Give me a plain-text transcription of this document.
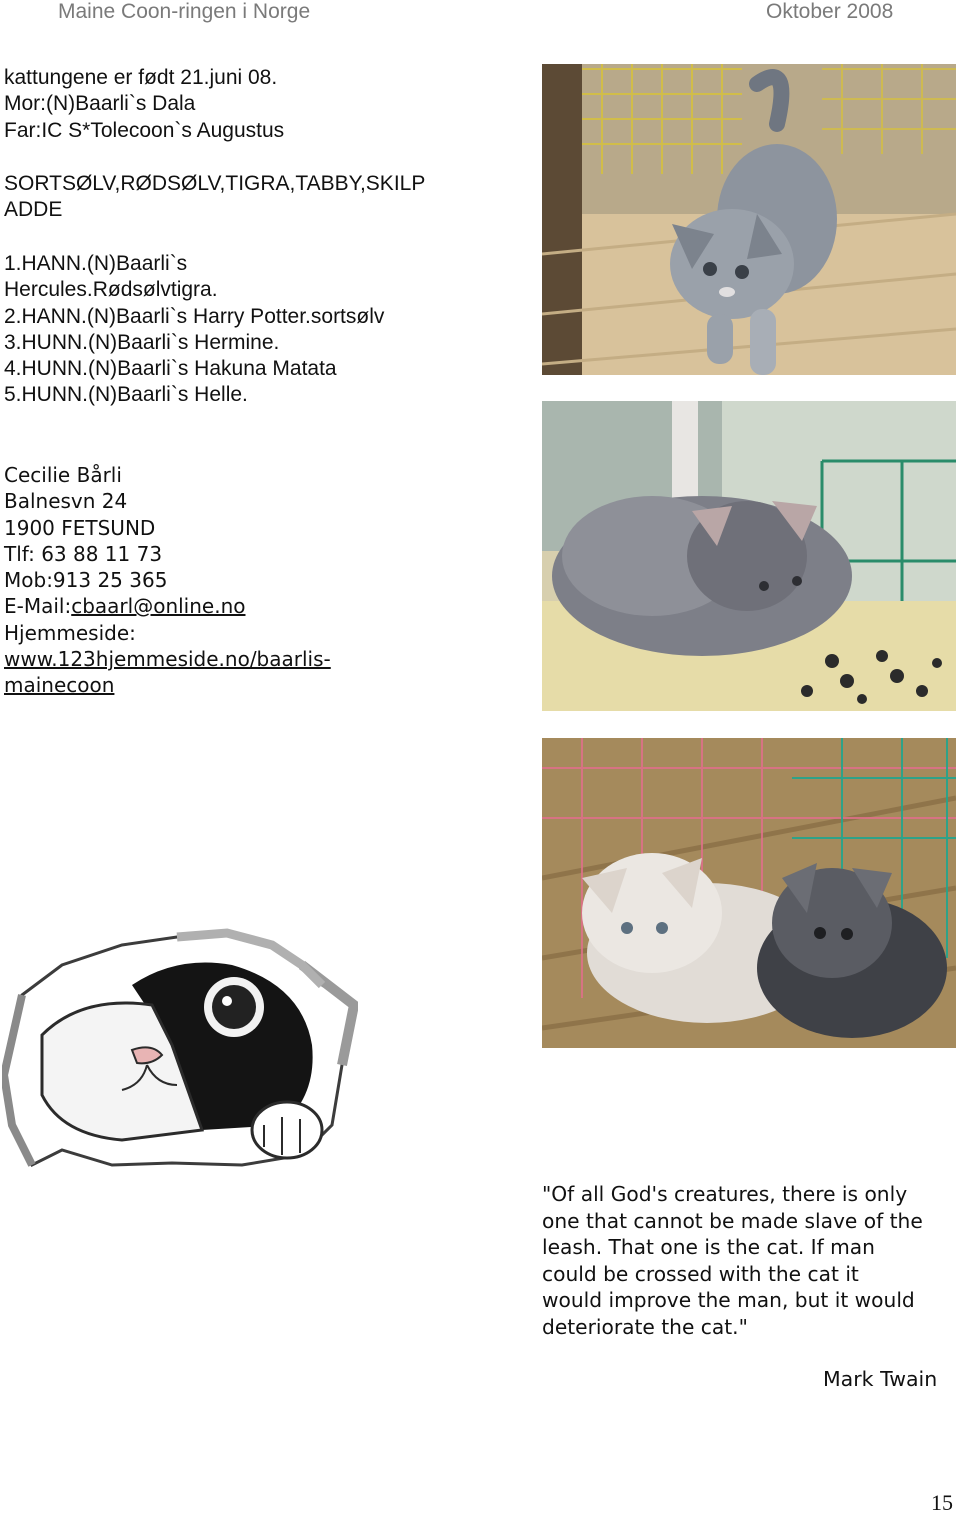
Maine Coon-ringen i Norge	Oktober 2008
kattungene er født 21.juni 08.
Mor:(N)Baarli`s Dala
Far:IC S*Tolecoon`s Augustus
SORTSØLV,RØDSØLV,TIGRA,TABBY,SKILP
ADDE
1.HANN.(N)Baarli`s
Hercules.Rødsølvtigra.
2.HANN.(N)Baarli`s Harry Potter.sortsølv
3.HUNN.(N)Baarli`s Hermine.
4.HUNN.(N)Baarli`s Hakuna Matata
5.HUNN.(N)Baarli`s Helle.
Cecilie Bårli
Balnesvn 24
1900 FETSUND
Tlf: 63 88 11 73
Mob:913 25 365
E-Mail:cbaarl@online.no
Hjemmeside:
www.123hjemmeside.no/baarlis-
mainecoon
"Of all God's creatures, there is only
one that cannot be made slave of the
leash. That one is the cat. If man
could be crossed with the cat it
would improve the man, but it would
deteriorate the cat."
Mark Twain
15
